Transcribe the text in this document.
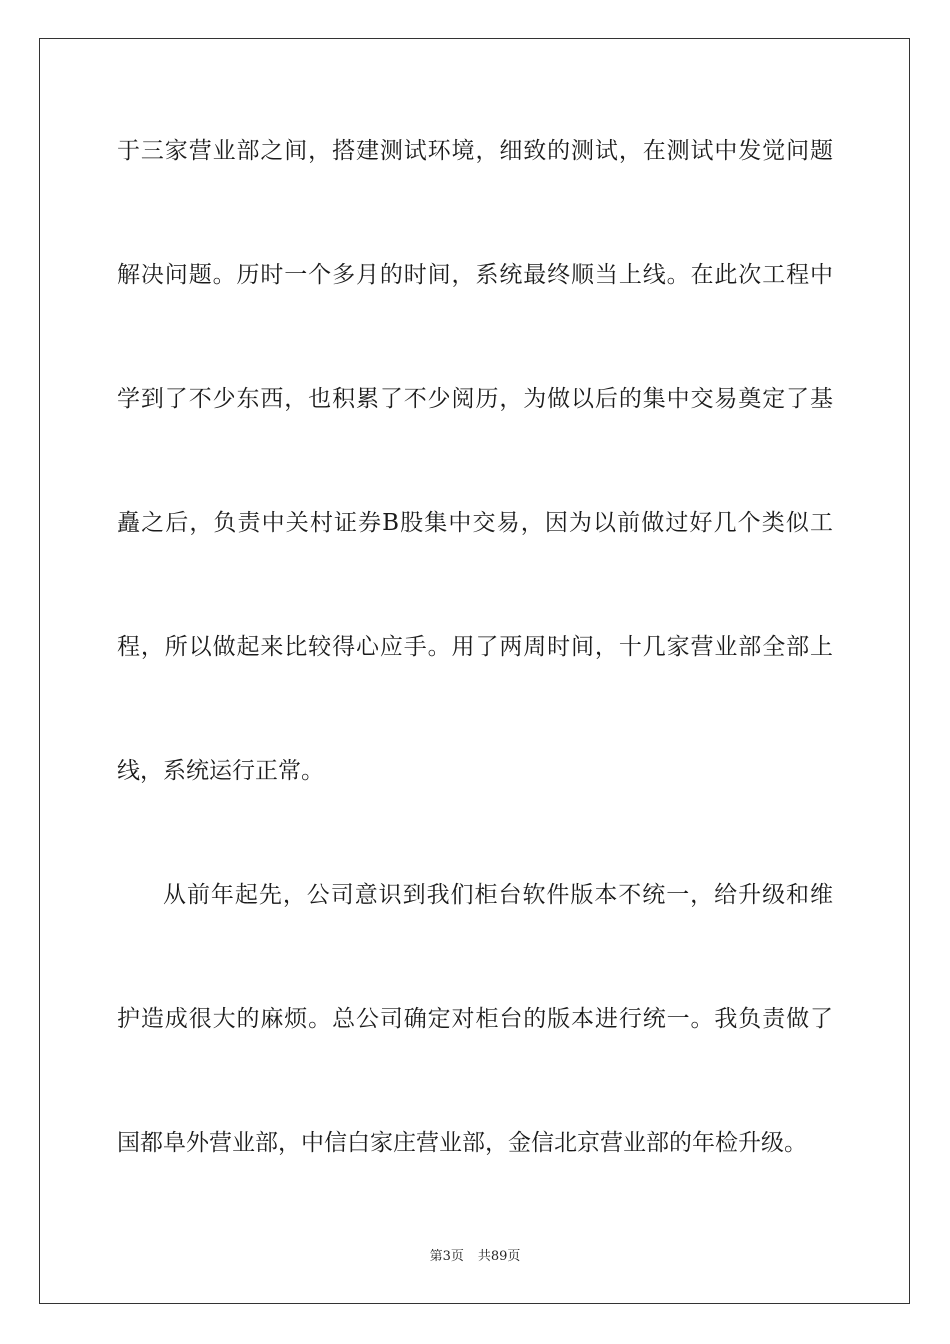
于三家营业部之间，搭建测试环境，细致的测试，在测试中发觉问题
解决问题。历时一个多月的时间，系统最终顺当上线。在此次工程中
学到了不少东西，也积累了不少阅历，为做以后的集中交易奠定了基
矗之后，负责中关村证券B股集中交易，因为以前做过好几个类似工
程，所以做起来比较得心应手。用了两周时间，十几家营业部全部上
线，系统运行正常。
从前年起先，公司意识到我们柜台软件版本不统一，给升级和维
护造成很大的麻烦。总公司确定对柜台的版本进行统一。我负责做了
国都阜外营业部，中信白家庄营业部，金信北京营业部的年检升级。
第3页 共89页
